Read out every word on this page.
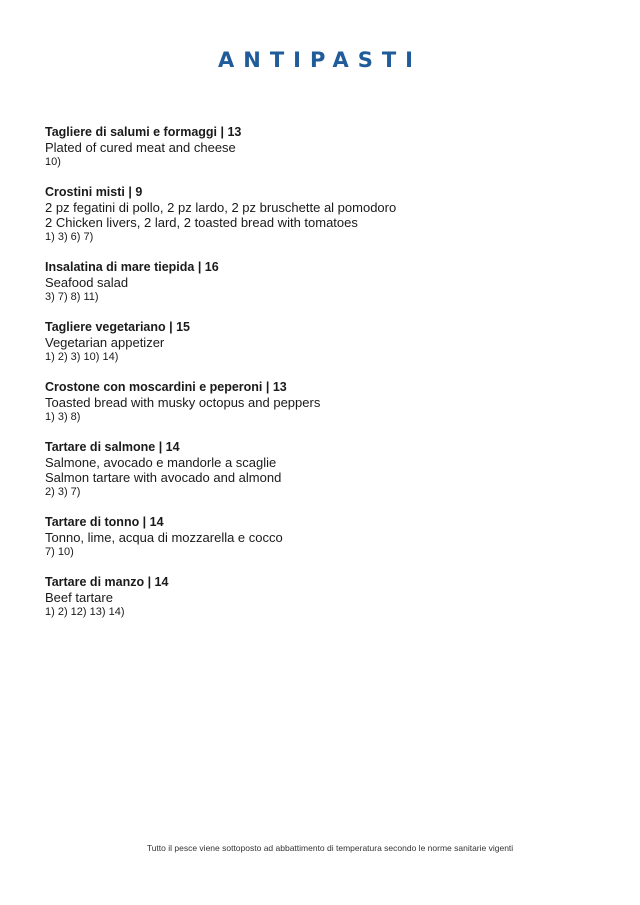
ANTIPASTI

Tagliere di salumi e formaggi | 13

Plated of cured meat and cheese

10)

Crostini misti | 9

2 pz fegatini di pollo, 2 pz lardo, 2 pz bruschette al pomodoro

2 Chicken livers, 2 lard, 2 toasted bread with tomatoes

1) 3) 6) 7)

Insalatina di mare tiepida | 16

Seafood salad

3) 7) 8) 11)

Tagliere vegetariano | 15

Vegetarian appetizer

1) 2) 3) 10) 14)

Crostone con moscardini e peperoni | 13

Toasted bread with musky octopus and peppers

1) 3) 8)

Tartare di salmone | 14

Salmone, avocado e mandorle a scaglie

Salmon tartare with avocado and almond

2) 3) 7)

Tartare di tonno | 14

Tonno, lime, acqua di mozzarella e cocco

7) 10)

Tartare di manzo | 14

Beef tartare

1) 2) 12) 13) 14)

Tutto il pesce viene sottoposto ad abbattimento di temperatura secondo le norme sanitarie vigenti
